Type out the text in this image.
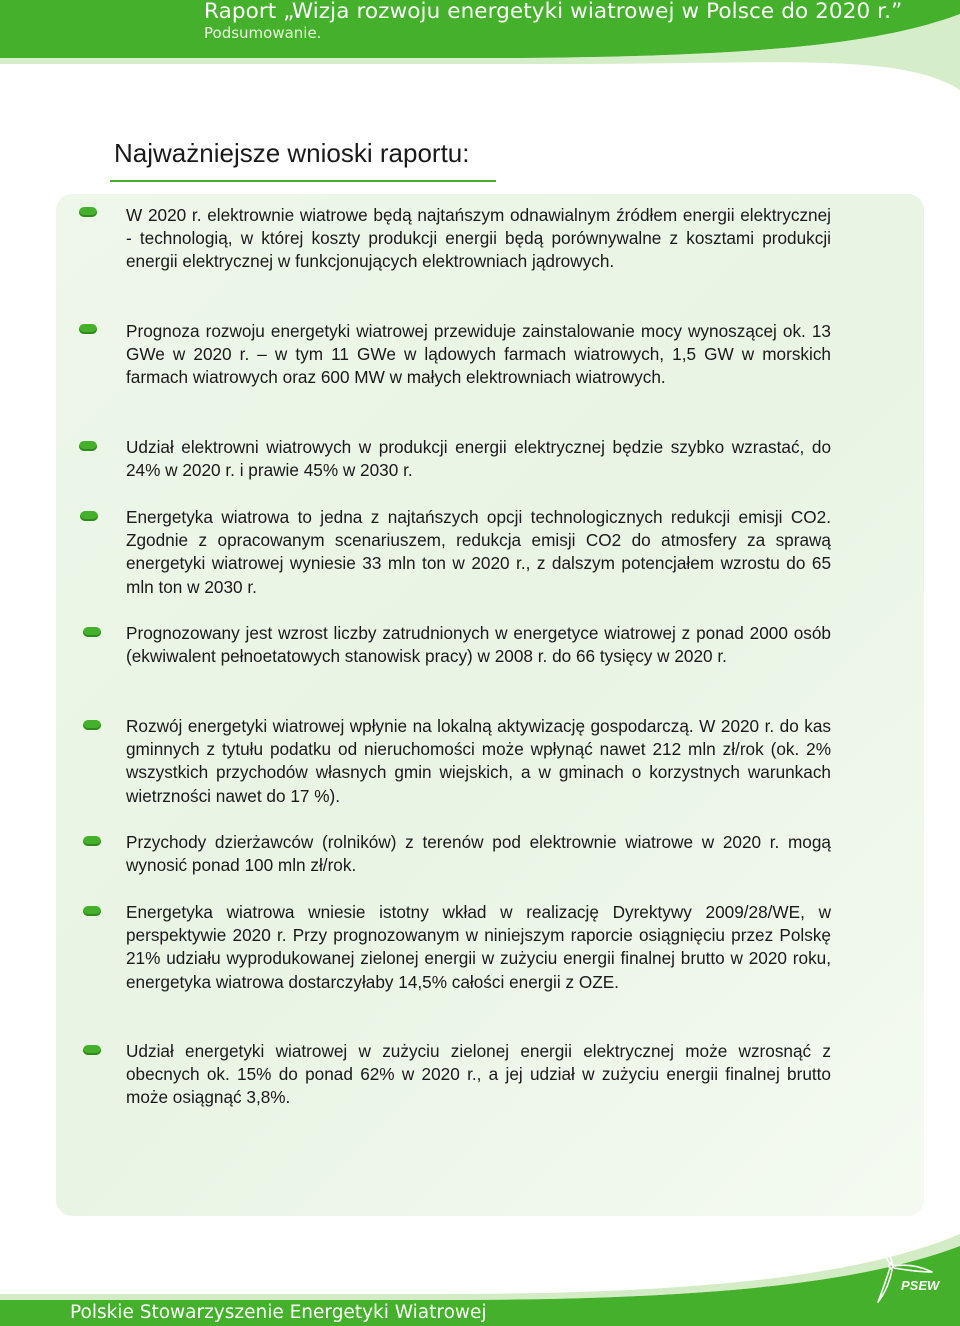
Raport „Wizja rozwoju energetyki wiatrowej w Polsce do 2020 r.”
Podsumowanie.
Najważniejsze wnioski raportu:
W 2020 r. elektrownie wiatrowe będą najtańszym odnawialnym źródłem energii elektrycznej - technologią, w której koszty produkcji energii będą porównywalne z kosztami produkcji energii elektrycznej w funkcjonujących elektrowniach jądrowych.
Prognoza rozwoju energetyki wiatrowej przewiduje zainstalowanie mocy wynoszącej ok. 13 GWe w 2020 r. – w tym 11 GWe w lądowych farmach wiatrowych, 1,5 GW w morskich farmach wiatrowych oraz 600 MW w małych elektrowniach wiatrowych.
Udział elektrowni wiatrowych w produkcji energii elektrycznej będzie szybko wzrastać, do 24% w 2020 r. i prawie 45% w 2030 r.
Energetyka wiatrowa to jedna z najtańszych opcji technologicznych redukcji emisji CO2. Zgodnie z opracowanym scenariuszem, redukcja emisji CO2 do atmosfery za sprawą energetyki wiatrowej wyniesie 33 mln ton w 2020 r., z dalszym potencjałem wzrostu do 65 mln ton w 2030 r.
Prognozowany jest wzrost liczby zatrudnionych w energetyce wiatrowej z ponad 2000 osób (ekwiwalent pełnoetatowych stanowisk pracy) w 2008 r. do 66 tysięcy w 2020 r.
Rozwój energetyki wiatrowej wpłynie na lokalną aktywizację gospodarczą. W 2020 r. do kas gminnych z tytułu podatku od nieruchomości może wpłynąć nawet 212 mln zł/rok (ok. 2% wszystkich przychodów własnych gmin wiejskich, a w gminach o korzystnych warunkach wietrzności nawet do 17 %).
Przychody dzierżawców (rolników) z terenów pod elektrownie wiatrowe w 2020 r. mogą wynosić ponad 100 mln zł/rok.
Energetyka wiatrowa wniesie istotny wkład w realizację Dyrektywy 2009/28/WE, w perspektywie 2020 r. Przy prognozowanym w niniejszym raporcie osiągnięciu przez Polskę 21% udziału wyprodukowanej zielonej energii w zużyciu energii finalnej brutto w 2020 roku, energetyka wiatrowa dostarczyłaby 14,5% całości energii z OZE.
Udział energetyki wiatrowej w zużyciu zielonej energii elektrycznej może wzrosnąć z obecnych ok. 15% do ponad 62% w 2020 r., a jej udział w zużyciu energii finalnej brutto może osiągnąć 3,8%.
Polskie Stowarzyszenie Energetyki Wiatrowej
PSEW
